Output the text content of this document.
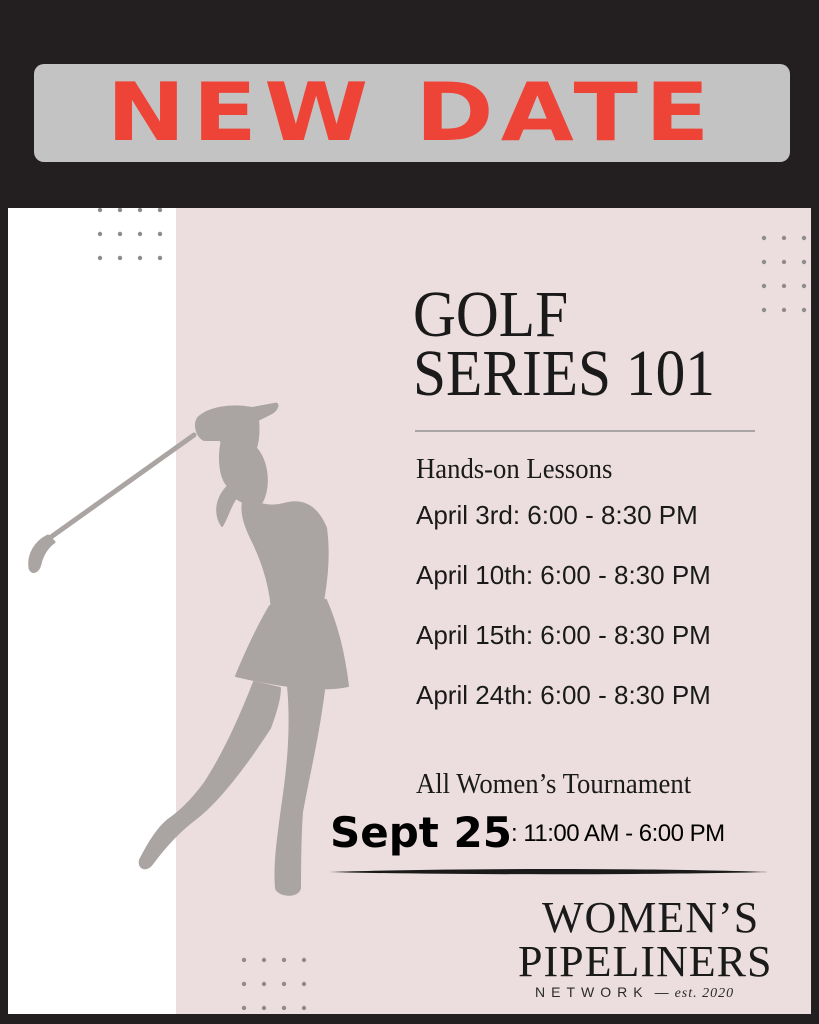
NEW DATE
GOLF
SERIES 101
Hands-on Lessons
April 3rd: 6:00 - 8:30 PM
April 10th: 6:00 - 8:30 PM
April 15th: 6:00 - 8:30 PM
April 24th: 6:00 - 8:30 PM
All Women’s Tournament
Sept 25 : 11:00 AM - 6:00 PM
WOMEN’S
PIPELINERS
NETWORK — est. 2020
